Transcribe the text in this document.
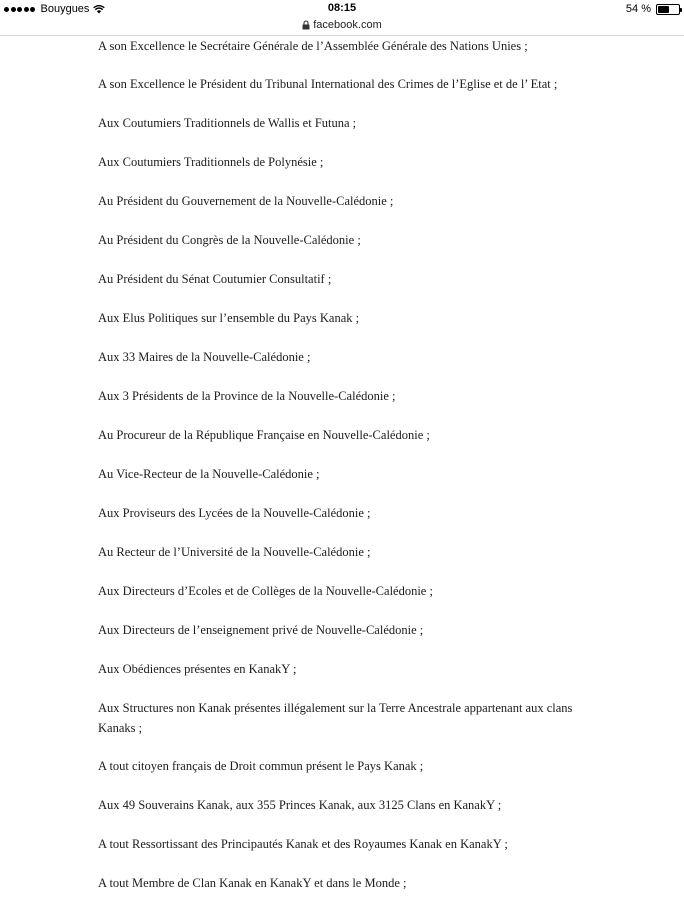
Bouygues	08:15	54 %
facebook.com
A son Excellence le Secrétaire Générale de l’Assemblée Générale des Nations Unies ;
A son Excellence le Président du Tribunal International des Crimes de l’Eglise et de l’ Etat ;
Aux Coutumiers Traditionnels de Wallis et Futuna ;
Aux Coutumiers Traditionnels de Polynésie ;
Au Président du Gouvernement de la Nouvelle-Calédonie ;
Au Président du Congrès de la Nouvelle-Calédonie ;
Au Président du Sénat Coutumier Consultatif ;
Aux Elus Politiques sur l’ensemble du Pays Kanak ;
Aux 33 Maires de la Nouvelle-Calédonie ;
Aux 3 Présidents de la Province de la Nouvelle-Calédonie ;
Au Procureur de la République Française en Nouvelle-Calédonie ;
Au Vice-Recteur de la Nouvelle-Calédonie ;
Aux Proviseurs des Lycées de la Nouvelle-Calédonie ;
Au Recteur de l’Université de la Nouvelle-Calédonie ;
Aux Directeurs d’Ecoles et de Collèges de la Nouvelle-Calédonie ;
Aux Directeurs de l’enseignement privé de Nouvelle-Calédonie ;
Aux Obédiences présentes en KanakY ;
Aux Structures non Kanak présentes illégalement sur la Terre Ancestrale appartenant aux clans Kanaks ;
A tout citoyen français de Droit commun présent le Pays Kanak ;
Aux 49 Souverains Kanak, aux 355 Princes Kanak, aux 3125 Clans en KanakY ;
A tout Ressortissant des Principautés Kanak et des Royaumes Kanak en KanakY ;
A tout Membre de Clan Kanak en KanakY et dans le Monde ;
